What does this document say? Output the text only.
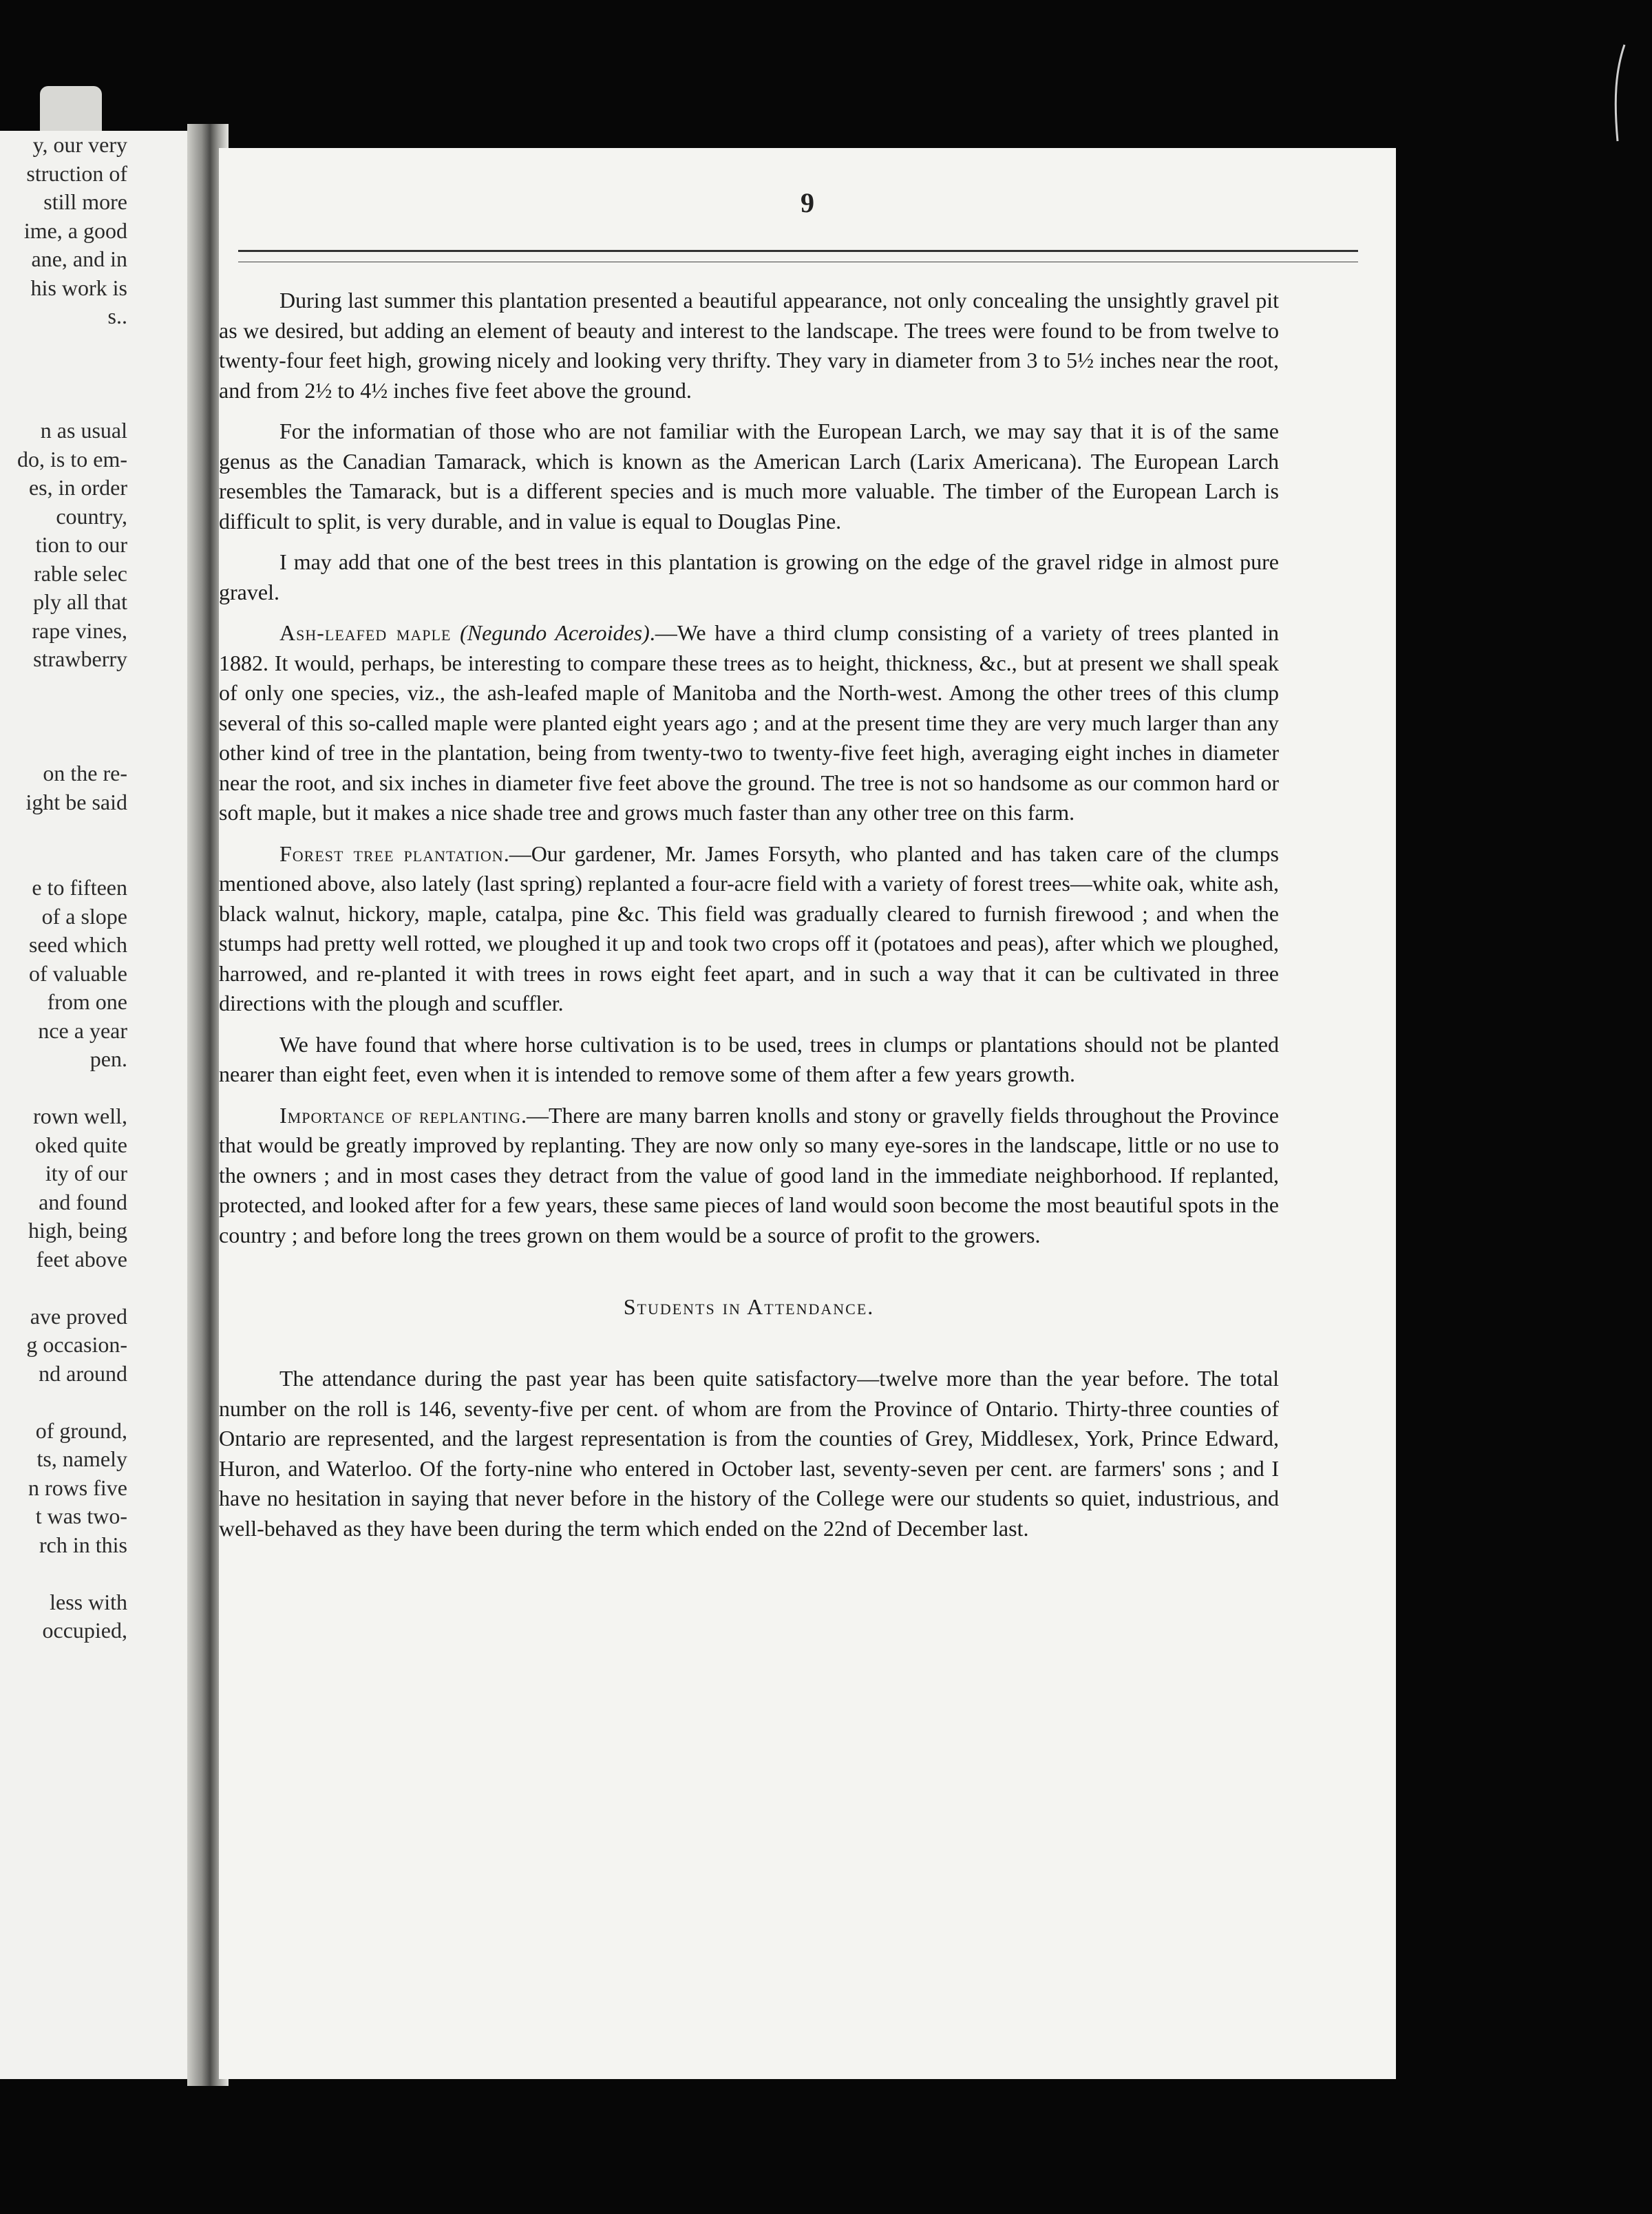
y, our very
struction of
still more
ime, a good
ane, and in
his work is
s..
n as usual
do, is to em-
es, in order
country,
tion to our
rable selec
ply all that
rape vines,
strawberry
on the re-
ight be said
e to fifteen
of a slope
seed which
of valuable
from one
nce a year
pen.
rown well,
oked quite
ity of our
and found
high, being
feet above
ave proved
g occasion-
nd around
of ground,
ts, namely
n rows five
t was two-
rch in this
less with
occupied,
9

During last summer this plantation presented a beautiful appearance, not only concealing the unsightly gravel pit as we desired, but adding an element of beauty and interest to the landscape. The trees were found to be from twelve to twenty-four feet high, growing nicely and looking very thrifty. They vary in diameter from 3 to 5½ inches near the root, and from 2½ to 4½ inches five feet above the ground.

For the informatian of those who are not familiar with the European Larch, we may say that it is of the same genus as the Canadian Tamarack, which is known as the American Larch (Larix Americana). The European Larch resembles the Tamarack, but is a different species and is much more valuable. The timber of the European Larch is difficult to split, is very durable, and in value is equal to Douglas Pine.

I may add that one of the best trees in this plantation is growing on the edge of the gravel ridge in almost pure gravel.

Ash-leafed maple (Negundo Aceroides).—We have a third clump consisting of a variety of trees planted in 1882. It would, perhaps, be interesting to compare these trees as to height, thickness, &c., but at present we shall speak of only one species, viz., the ash-leafed maple of Manitoba and the North-west. Among the other trees of this clump several of this so-called maple were planted eight years ago ; and at the present time they are very much larger than any other kind of tree in the plantation, being from twenty-two to twenty-five feet high, averaging eight inches in diameter near the root, and six inches in diameter five feet above the ground. The tree is not so handsome as our common hard or soft maple, but it makes a nice shade tree and grows much faster than any other tree on this farm.

Forest tree plantation.—Our gardener, Mr. James Forsyth, who planted and has taken care of the clumps mentioned above, also lately (last spring) replanted a four-acre field with a variety of forest trees—white oak, white ash, black walnut, hickory, maple, catalpa, pine &c. This field was gradually cleared to furnish firewood ; and when the stumps had pretty well rotted, we ploughed it up and took two crops off it (potatoes and peas), after which we ploughed, harrowed, and re-planted it with trees in rows eight feet apart, and in such a way that it can be cultivated in three directions with the plough and scuffler.

We have found that where horse cultivation is to be used, trees in clumps or plantations should not be planted nearer than eight feet, even when it is intended to remove some of them after a few years growth.

Importance of replanting.—There are many barren knolls and stony or gravelly fields throughout the Province that would be greatly improved by replanting. They are now only so many eye-sores in the landscape, little or no use to the owners ; and in most cases they detract from the value of good land in the immediate neighborhood. If replanted, protected, and looked after for a few years, these same pieces of land would soon become the most beautiful spots in the country ; and before long the trees grown on them would be a source of profit to the growers.

Students in Attendance.

The attendance during the past year has been quite satisfactory—twelve more than the year before. The total number on the roll is 146, seventy-five per cent. of whom are from the Province of Ontario. Thirty-three counties of Ontario are represented, and the largest representation is from the counties of Grey, Middlesex, York, Prince Edward, Huron, and Waterloo. Of the forty-nine who entered in October last, seventy-seven per cent. are farmers' sons ; and I have no hesitation in saying that never before in the history of the College were our students so quiet, industrious, and well-behaved as they have been during the term which ended on the 22nd of December last.
